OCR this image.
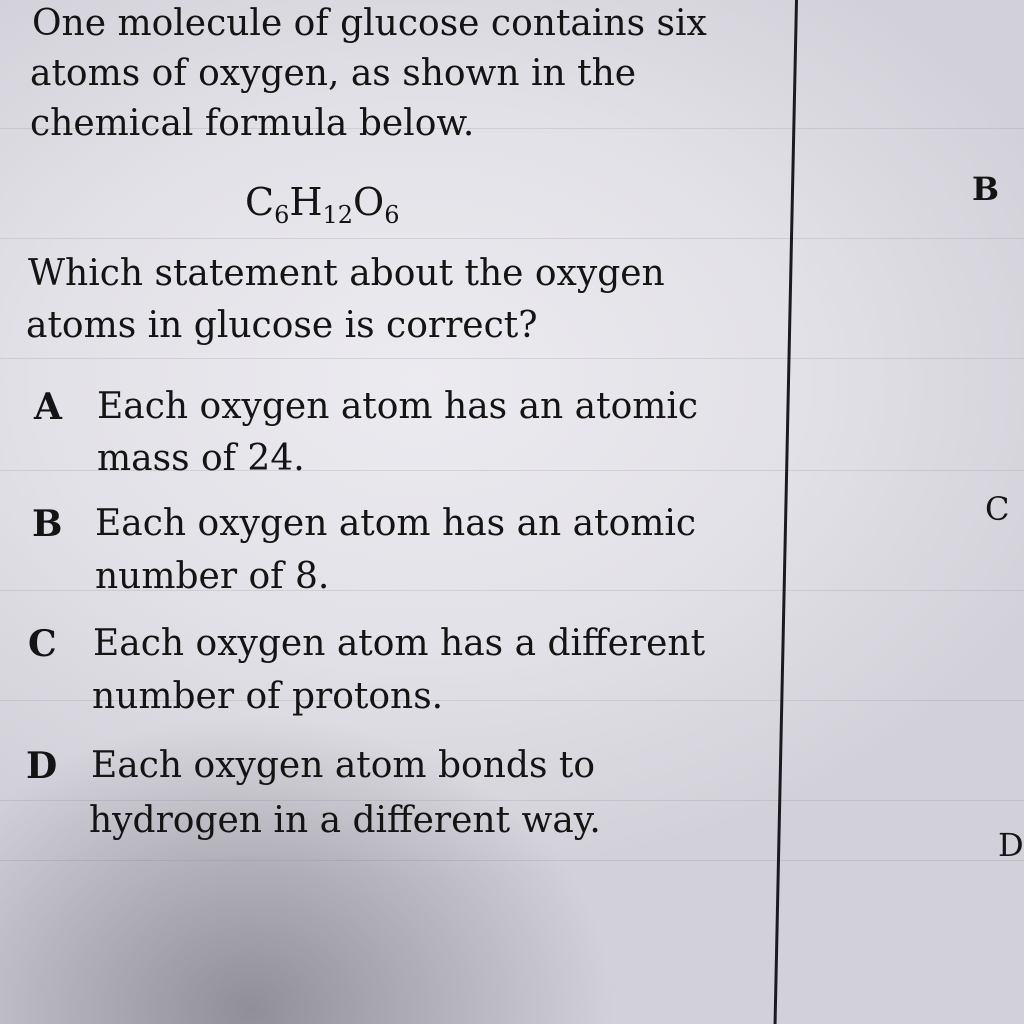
One molecule of glucose contains six
atoms of oxygen, as shown in the
chemical formula below.
$C_6H_{12}O_6$
Which statement about the oxygen
atoms in glucose is correct?
A Each oxygen atom has an atomic
mass of 24.
B Each oxygen atom has an atomic
number of 8.
C Each oxygen atom has a different
number of protons.
D Each oxygen atom bonds to
hydrogen in a different way.
B
C
D
